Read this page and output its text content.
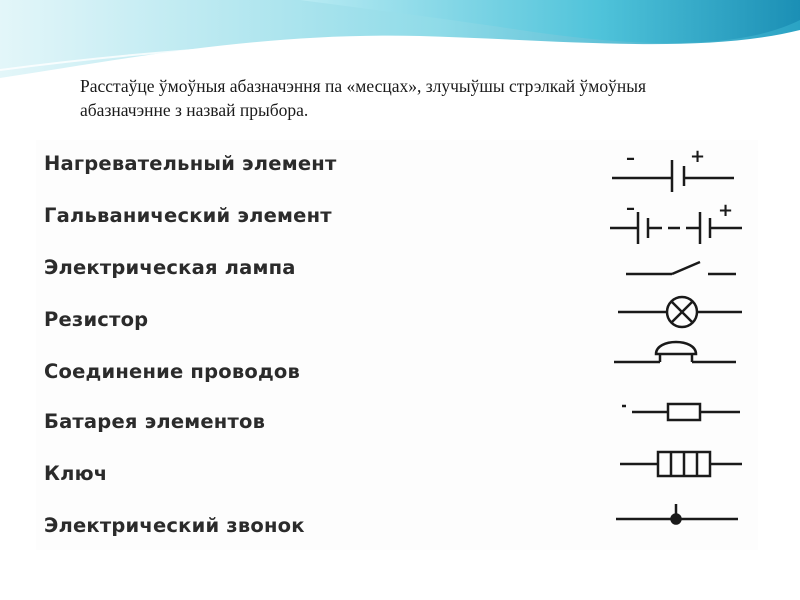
Расстаўце ўмоўныя абазначэння па «месцах», злучыўшы стрэлкай ўмоўныя абазначэнне з назвай прыбора.
Нагревательный элемент
Гальванический элемент
Электрическая лампа
Резистор
Соединение проводов
Батарея элементов
Ключ
Электрический звонок
–	+
–	+
